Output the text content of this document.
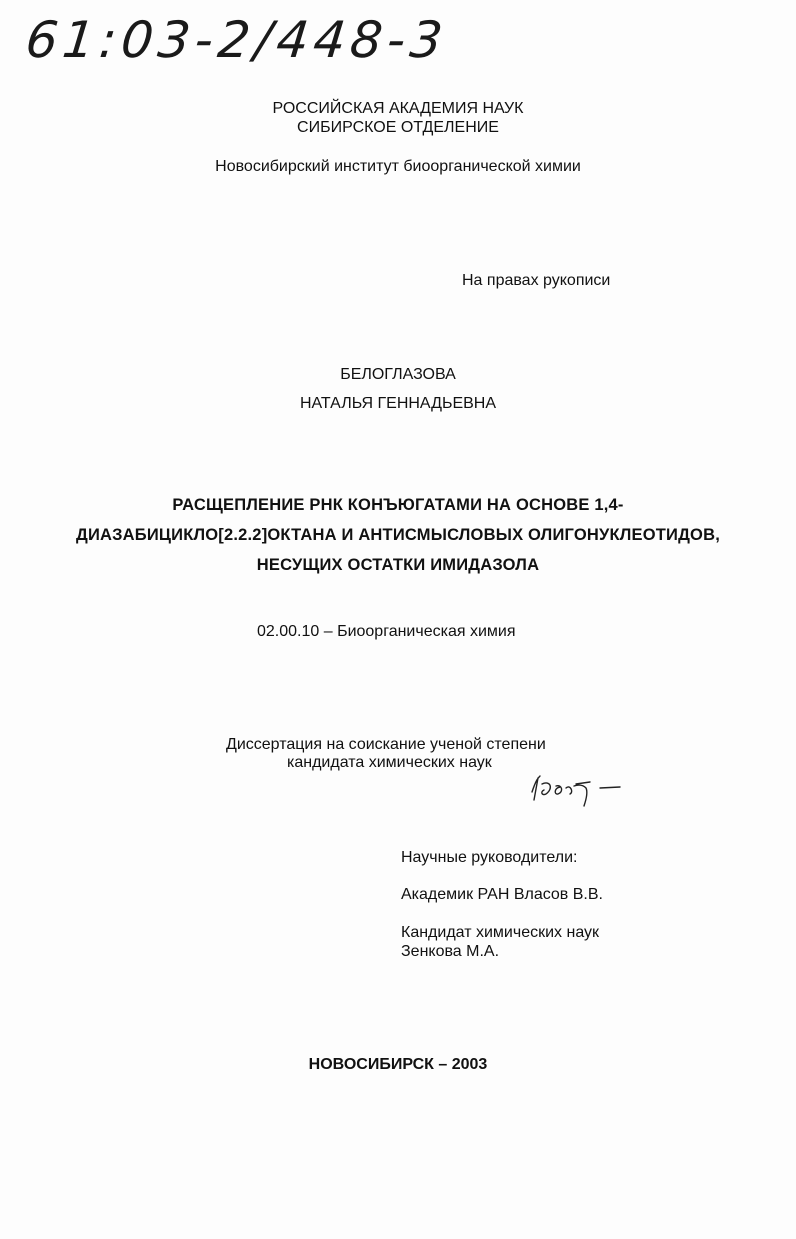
61:03-2/448-3

РОССИЙСКАЯ АКАДЕМИЯ НАУК

СИБИРСКОЕ ОТДЕЛЕНИЕ

Новосибирский институт биоорганической химии

На правах рукописи

БЕЛОГЛАЗОВА

НАТАЛЬЯ ГЕННАДЬЕВНА

РАСЩЕПЛЕНИЕ РНК КОНЪЮГАТАМИ НА ОСНОВЕ 1,4-

ДИАЗАБИЦИКЛО[2.2.2]ОКТАНА И АНТИСМЫСЛОВЫХ ОЛИГОНУКЛЕОТИДОВ,

НЕСУЩИХ ОСТАТКИ ИМИДАЗОЛА

02.00.10 – Биоорганическая химия

Диссертация на соискание ученой степени

кандидата химических наук

Научные руководители:

Академик РАН Власов В.В.

Кандидат химических наук

Зенкова М.А.

НОВОСИБИРСК – 2003
